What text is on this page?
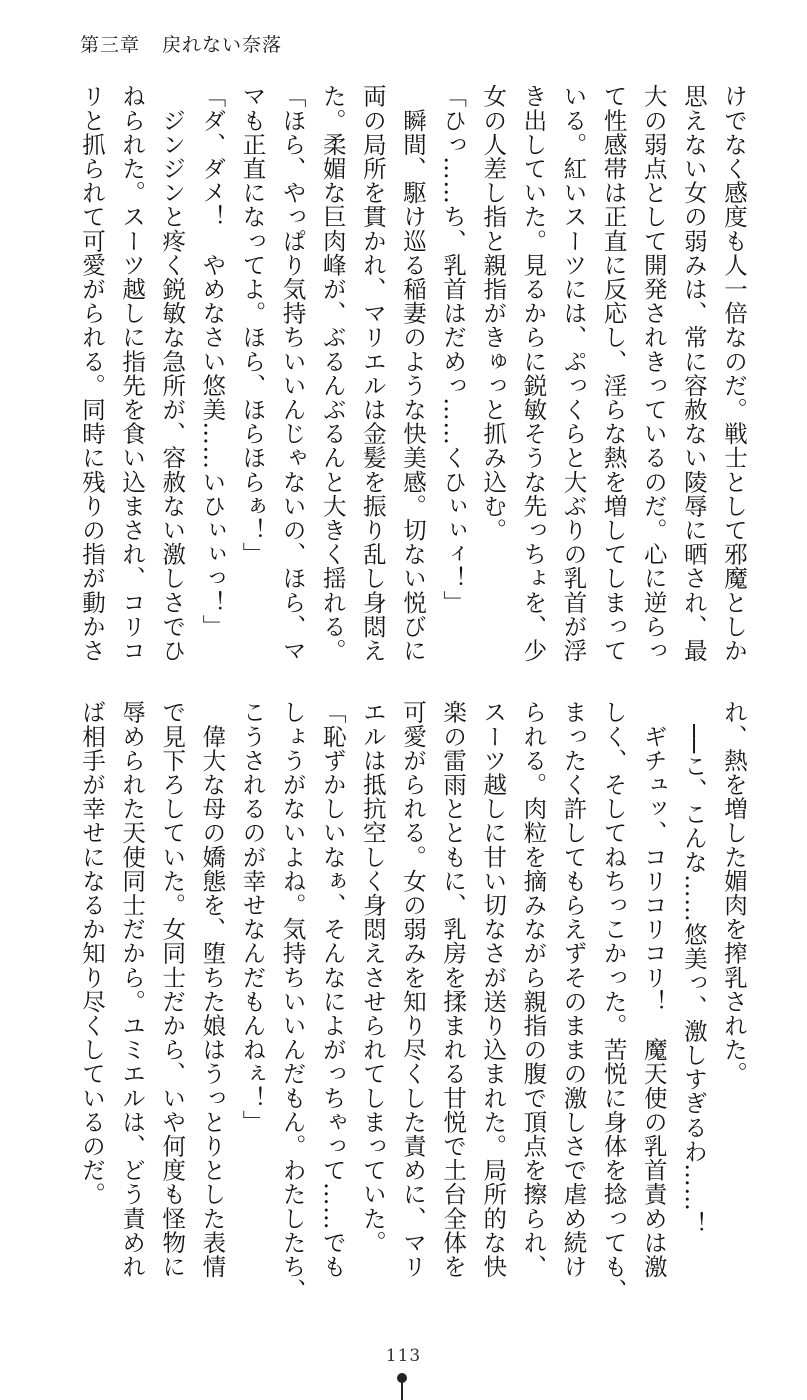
第三章 戻れない奈落
けでなく感度も人一倍なのだ。戦士として邪魔としか
思えない女の弱みは、常に容赦ない陵辱に晒され、最
大の弱点として開発されきっているのだ。心に逆らっ
て性感帯は正直に反応し、淫らな熱を増してしまって
いる。紅いスーツには、ぷっくらと大ぶりの乳首が浮
き出していた。見るからに鋭敏そうな先っちょを、少
女の人差し指と親指がきゅっと抓み込む。
「ひっ……ち、乳首はだめっ……くひぃぃィ！」
　瞬間、駆け巡る稲妻のような快美感。切ない悦びに
両の局所を貫かれ、マリエルは金髪を振り乱し身悶え
た。柔媚な巨肉峰が、ぶるんぶるんと大きく揺れる。
「ほら、やっぱり気持ちいいんじゃないの、ほら、マ
マも正直になってよ。ほら、ほらほらぁ！」
「ダ、ダメ！　やめなさい悠美……いひぃぃっ！」
　ジンジンと疼く鋭敏な急所が、容赦ない激しさでひ
ねられた。スーツ越しに指先を食い込まされ、コリコ
リと抓られて可愛がられる。同時に残りの指が動かさ
れ、熱を増した媚肉を搾乳された。
　──こ、こんな……悠美っ、激しすぎるわ……！
　ギチュッ、コリコリコリ！　魔天使の乳首責めは激
しく、そしてねちっこかった。苦悦に身体を捻っても、
まったく許してもらえずそのままの激しさで虐め続け
られる。肉粒を摘みながら親指の腹で頂点を擦られ、
スーツ越しに甘い切なさが送り込まれた。局所的な快
楽の雷雨とともに、乳房を揉まれる甘悦で土台全体を
可愛がられる。女の弱みを知り尽くした責めに、マリ
エルは抵抗空しく身悶えさせられてしまっていた。
「恥ずかしいなぁ、そんなによがっちゃって……でも
しょうがないよね。気持ちいいんだもん。わたしたち、
こうされるのが幸せなんだもんねぇ！」
　偉大な母の嬌態を、堕ちた娘はうっとりとした表情
で見下ろしていた。女同士だから、いや何度も怪物に
辱められた天使同士だから。ユミエルは、どう責めれ
ば相手が幸せになるか知り尽くしているのだ。
113
